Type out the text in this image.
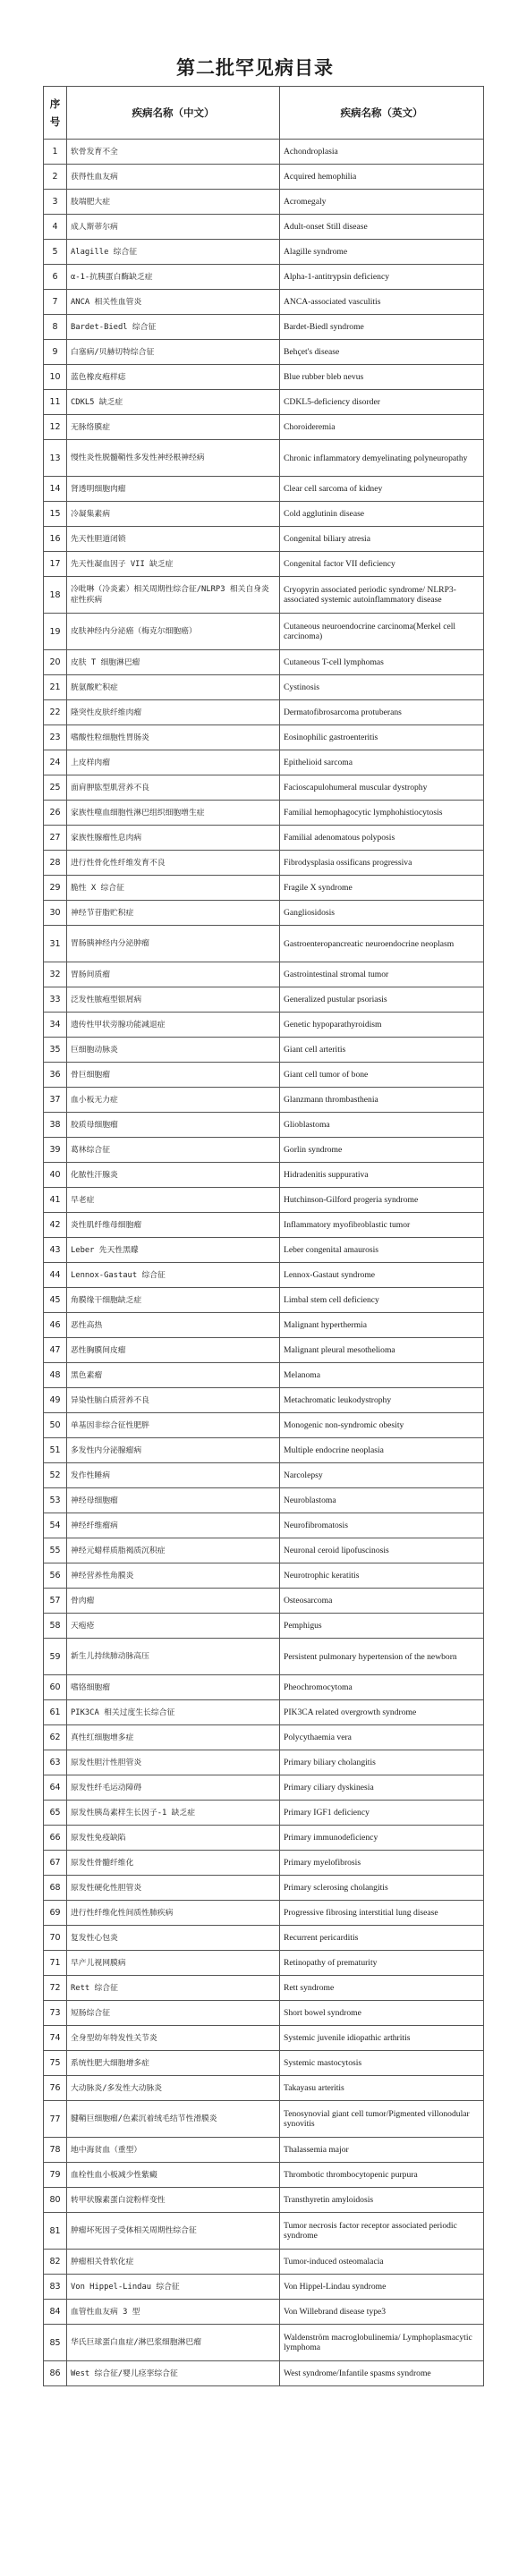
第二批罕见病目录
序号	疾病名称（中文）	疾病名称（英文）
1	软骨发育不全	Achondroplasia
2	获得性血友病	Acquired hemophilia
3	肢端肥大症	Acromegaly
4	成人斯蒂尔病	Adult-onset Still disease
5	Alagille 综合征	Alagille syndrome
6	α-1-抗胰蛋白酶缺乏症	Alpha-1-antitrypsin deficiency
7	ANCA 相关性血管炎	ANCA-associated vasculitis
8	Bardet-Biedl 综合征	Bardet-Biedl syndrome
9	白塞病/贝赫切特综合征	Behçet's disease
10	蓝色橡皮疱样痣	Blue rubber bleb nevus
11	CDKL5 缺乏症	CDKL5-deficiency disorder
12	无脉络膜症	Choroideremia
13	慢性炎性脱髓鞘性多发性神经根神经病	Chronic inflammatory demyelinating polyneuropathy
14	肾透明细胞肉瘤	Clear cell sarcoma of kidney
15	冷凝集素病	Cold agglutinin disease
16	先天性胆道闭锁	Congenital biliary atresia
17	先天性凝血因子 VII 缺乏症	Congenital factor VII deficiency
18	冷吡啉（冷炎素）相关周期性综合征/NLRP3 相关自身炎症性疾病	Cryopyrin associated periodic syndrome/ NLRP3-associated systemic autoinflammatory disease
19	皮肤神经内分泌癌（梅克尔细胞癌）	Cutaneous neuroendocrine carcinoma(Merkel cell carcinoma)
20	皮肤 T 细胞淋巴瘤	Cutaneous T-cell lymphomas
21	胱氨酸贮积症	Cystinosis
22	隆突性皮肤纤维肉瘤	Dermatofibrosarcoma protuberans
23	嗜酸性粒细胞性胃肠炎	Eosinophilic gastroenteritis
24	上皮样肉瘤	Epithelioid sarcoma
25	面肩胛肱型肌营养不良	Facioscapulohumeral muscular dystrophy
26	家族性噬血细胞性淋巴组织细胞增生症	Familial hemophagocytic lymphohistiocytosis
27	家族性腺瘤性息肉病	Familial adenomatous polyposis
28	进行性骨化性纤维发育不良	Fibrodysplasia ossificans progressiva
29	脆性 X 综合征	Fragile X syndrome
30	神经节苷脂贮积症	Gangliosidosis
31	胃肠胰神经内分泌肿瘤	Gastroenteropancreatic neuroendocrine neoplasm
32	胃肠间质瘤	Gastrointestinal stromal tumor
33	泛发性脓疱型银屑病	Generalized pustular psoriasis
34	遗传性甲状旁腺功能减退症	Genetic hypoparathyroidism
35	巨细胞动脉炎	Giant cell arteritis
36	骨巨细胞瘤	Giant cell tumor of bone
37	血小板无力症	Glanzmann thrombasthenia
38	胶质母细胞瘤	Glioblastoma
39	葛林综合征	Gorlin syndrome
40	化脓性汗腺炎	Hidradenitis suppurativa
41	早老症	Hutchinson-Gilford progeria syndrome
42	炎性肌纤维母细胞瘤	Inflammatory myofibroblastic tumor
43	Leber 先天性黑矇	Leber congenital amaurosis
44	Lennox-Gastaut 综合征	Lennox-Gastaut syndrome
45	角膜缘干细胞缺乏症	Limbal stem cell deficiency
46	恶性高热	Malignant hyperthermia
47	恶性胸膜间皮瘤	Malignant pleural mesothelioma
48	黑色素瘤	Melanoma
49	异染性脑白质营养不良	Metachromatic leukodystrophy
50	单基因非综合征性肥胖	Monogenic non-syndromic obesity
51	多发性内分泌腺瘤病	Multiple endocrine neoplasia
52	发作性睡病	Narcolepsy
53	神经母细胞瘤	Neuroblastoma
54	神经纤维瘤病	Neurofibromatosis
55	神经元蜡样质脂褐质沉积症	Neuronal ceroid lipofuscinosis
56	神经营养性角膜炎	Neurotrophic keratitis
57	骨肉瘤	Osteosarcoma
58	天疱疮	Pemphigus
59	新生儿持续肺动脉高压	Persistent pulmonary hypertension of the newborn
60	嗜铬细胞瘤	Pheochromocytoma
61	PIK3CA 相关过度生长综合征	PIK3CA related overgrowth syndrome
62	真性红细胞增多症	Polycythaemia vera
63	原发性胆汁性胆管炎	Primary biliary cholangitis
64	原发性纤毛运动障碍	Primary ciliary dyskinesia
65	原发性胰岛素样生长因子-1 缺乏症	Primary IGF1 deficiency
66	原发性免疫缺陷	Primary immunodeficiency
67	原发性骨髓纤维化	Primary myelofibrosis
68	原发性硬化性胆管炎	Primary sclerosing cholangitis
69	进行性纤维化性间质性肺疾病	Progressive fibrosing interstitial lung disease
70	复发性心包炎	Recurrent pericarditis
71	早产儿视网膜病	Retinopathy of prematurity
72	Rett 综合征	Rett syndrome
73	短肠综合征	Short bowel syndrome
74	全身型幼年特发性关节炎	Systemic juvenile idiopathic arthritis
75	系统性肥大细胞增多症	Systemic mastocytosis
76	大动脉炎/多发性大动脉炎	Takayasu arteritis
77	腱鞘巨细胞瘤/色素沉着绒毛结节性滑膜炎	Tenosynovial giant cell tumor/Pigmented villonodular synovitis
78	地中海贫血（重型）	Thalassemia major
79	血栓性血小板减少性紫癜	Thrombotic thrombocytopenic purpura
80	转甲状腺素蛋白淀粉样变性	Transthyretin amyloidosis
81	肿瘤坏死因子受体相关周期性综合征	Tumor necrosis factor receptor associated periodic syndrome
82	肿瘤相关骨软化症	Tumor-induced osteomalacia
83	Von Hippel-Lindau 综合征	Von Hippel-Lindau syndrome
84	血管性血友病 3 型	Von Willebrand disease type3
85	华氏巨球蛋白血症/淋巴浆细胞淋巴瘤	Waldenström macroglobulinemia/ Lymphoplasmacytic lymphoma
86	West 综合征/婴儿痉挛综合征	West syndrome/Infantile spasms syndrome
